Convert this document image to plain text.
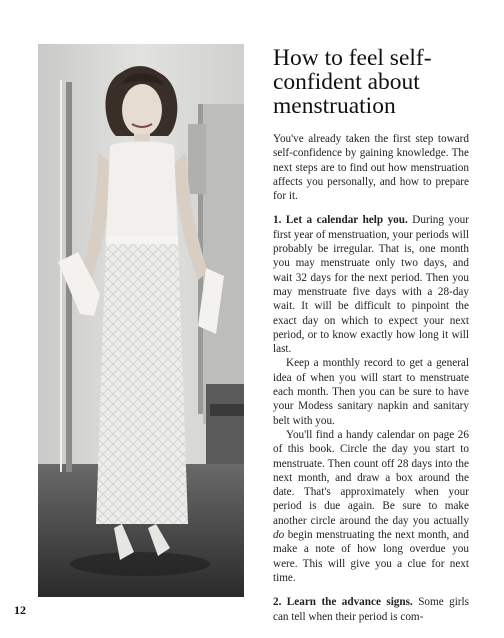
How to feel self-confident about menstruation

You've already taken the first step toward self-confidence by gaining knowledge. The next steps are to find out how menstruation affects you personally, and how to prepare for it.

1. Let a calendar help you. During your first year of menstruation, your periods will probably be irregular. That is, one month you may menstruate only two days, and wait 32 days for the next period. Then you may menstruate five days with a 28-day wait. It will be difficult to pinpoint the exact day on which to expect your next period, or to know exactly how long it will last.

Keep a monthly record to get a general idea of when you will start to menstruate each month. Then you can be sure to have your Modess sanitary napkin and sanitary belt with you.

You'll find a handy calendar on page 26 of this book. Circle the day you start to menstruate. Then count off 28 days into the next month, and draw a box around the date. That's approximately when your period is due again. Be sure to make another circle around the day you actually do begin menstruating the next month, and make a note of how long overdue you were. This will give you a clue for next time.

2. Learn the advance signs. Some girls can tell when their period is com-

12
